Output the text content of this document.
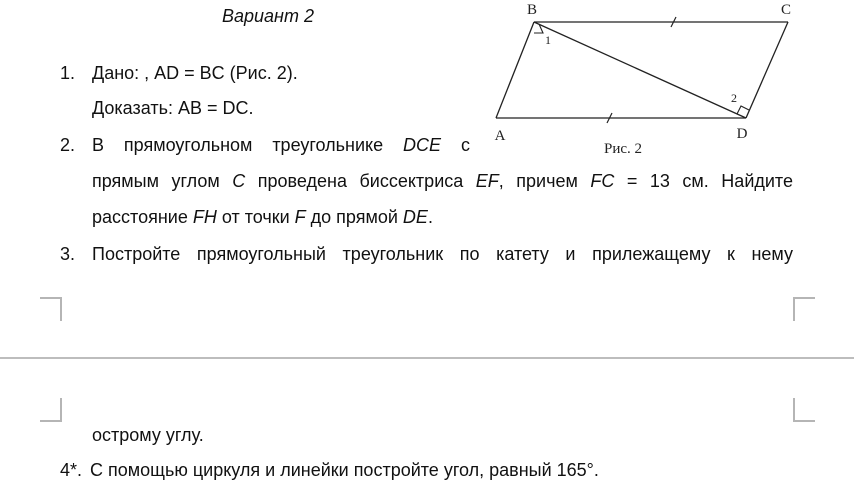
Вариант 2	B	C
A	D
1
2
Рис. 2
1. Дано: , AD = BC (Рис. 2).
Доказать: AB = DC.
2. В прямоугольном треугольнике DCE с
прямым углом C проведена биссектриса EF, причем FC = 13 см. Найдите
расстояние FH от точки F до прямой DE.
3. Постройте прямоугольный треугольник по катету и прилежащему к нему
острому углу.
4*. С помощью циркуля и линейки постройте угол, равный 165°.
